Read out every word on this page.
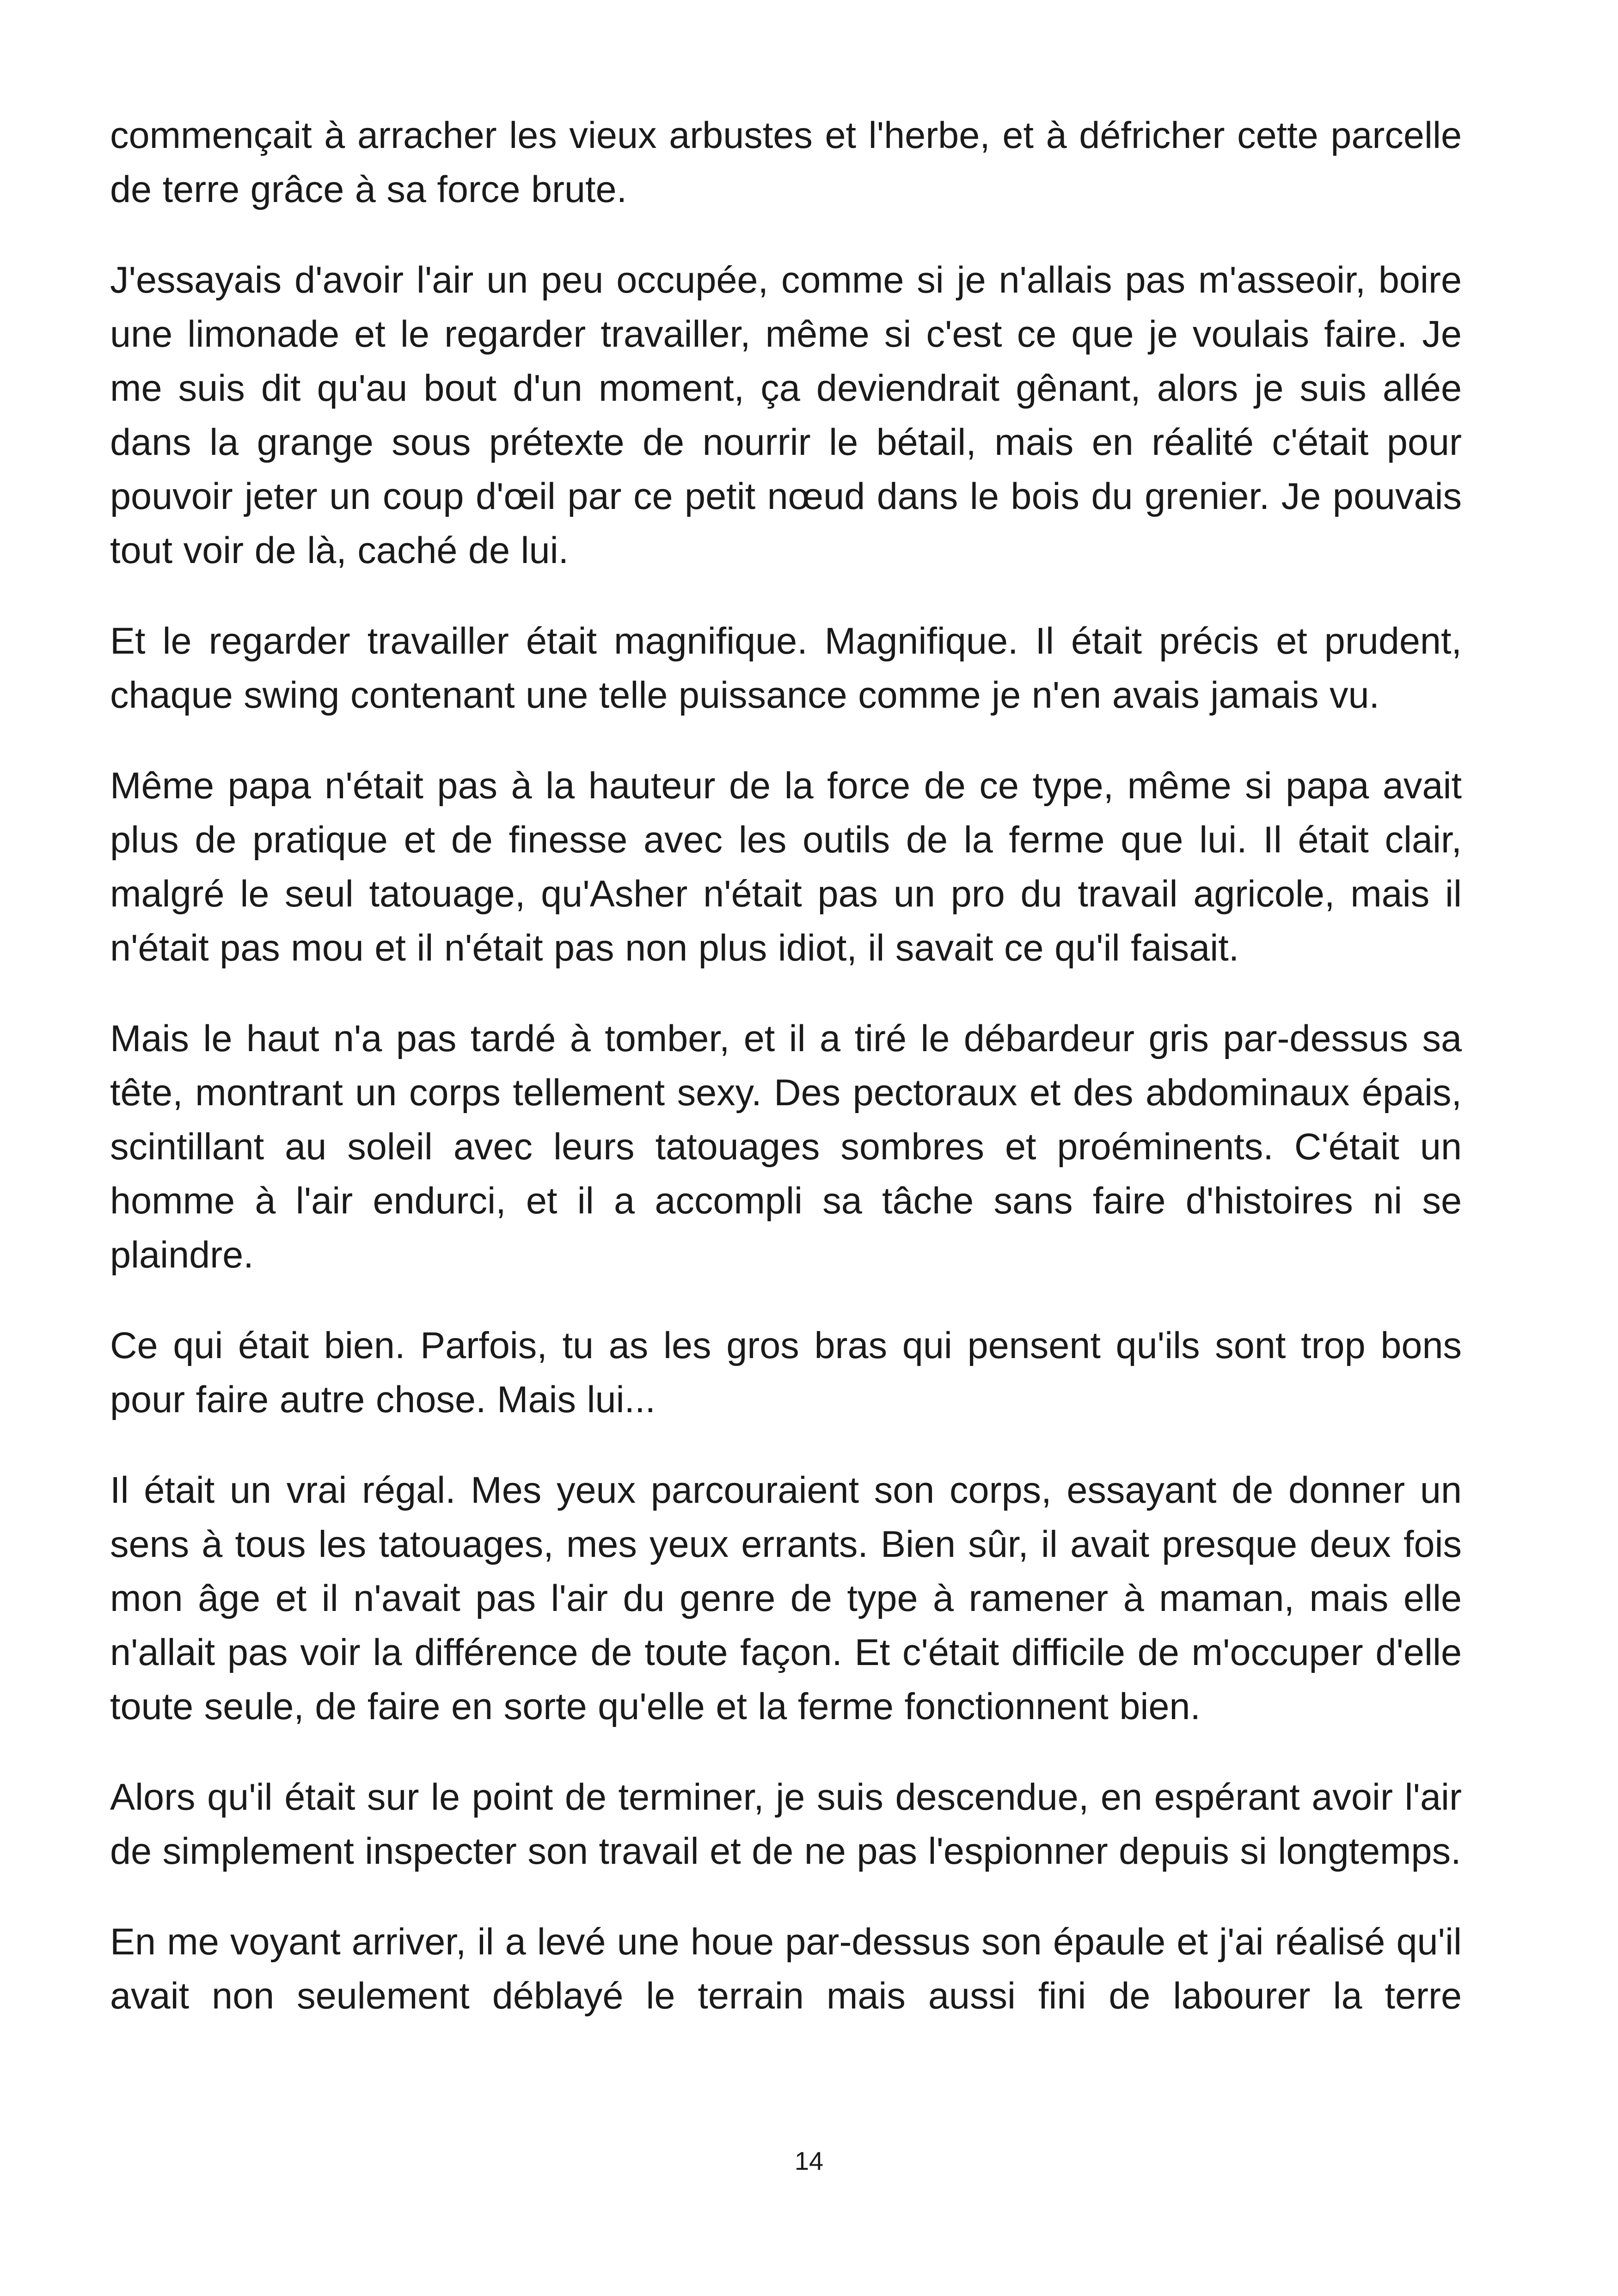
commençait à arracher les vieux arbustes et l'herbe, et à défricher cette parcelle de terre grâce à sa force brute.

J'essayais d'avoir l'air un peu occupée, comme si je n'allais pas m'asseoir, boire une limonade et le regarder travailler, même si c'est ce que je voulais faire. Je me suis dit qu'au bout d'un moment, ça deviendrait gênant, alors je suis allée dans la grange sous prétexte de nourrir le bétail, mais en réalité c'était pour pouvoir jeter un coup d'œil par ce petit nœud dans le bois du grenier. Je pouvais tout voir de là, caché de lui.

Et le regarder travailler était magnifique. Magnifique. Il était précis et prudent, chaque swing contenant une telle puissance comme je n'en avais jamais vu.

Même papa n'était pas à la hauteur de la force de ce type, même si papa avait plus de pratique et de finesse avec les outils de la ferme que lui. Il était clair, malgré le seul tatouage, qu'Asher n'était pas un pro du travail agricole, mais il n'était pas mou et il n'était pas non plus idiot, il savait ce qu'il faisait.

Mais le haut n'a pas tardé à tomber, et il a tiré le débardeur gris par-dessus sa tête, montrant un corps tellement sexy. Des pectoraux et des abdominaux épais, scintillant au soleil avec leurs tatouages sombres et proéminents. C'était un homme à l'air endurci, et il a accompli sa tâche sans faire d'histoires ni se plaindre.

Ce qui était bien. Parfois, tu as les gros bras qui pensent qu'ils sont trop bons pour faire autre chose. Mais lui...

Il était un vrai régal. Mes yeux parcouraient son corps, essayant de donner un sens à tous les tatouages, mes yeux errants. Bien sûr, il avait presque deux fois mon âge et il n'avait pas l'air du genre de type à ramener à maman, mais elle n'allait pas voir la différence de toute façon. Et c'était difficile de m'occuper d'elle toute seule, de faire en sorte qu'elle et la ferme fonctionnent bien.

Alors qu'il était sur le point de terminer, je suis descendue, en espérant avoir l'air de simplement inspecter son travail et de ne pas l'espionner depuis si longtemps.

En me voyant arriver, il a levé une houe par-dessus son épaule et j'ai réalisé qu'il avait non seulement déblayé le terrain mais aussi fini de labourer la terre

14
